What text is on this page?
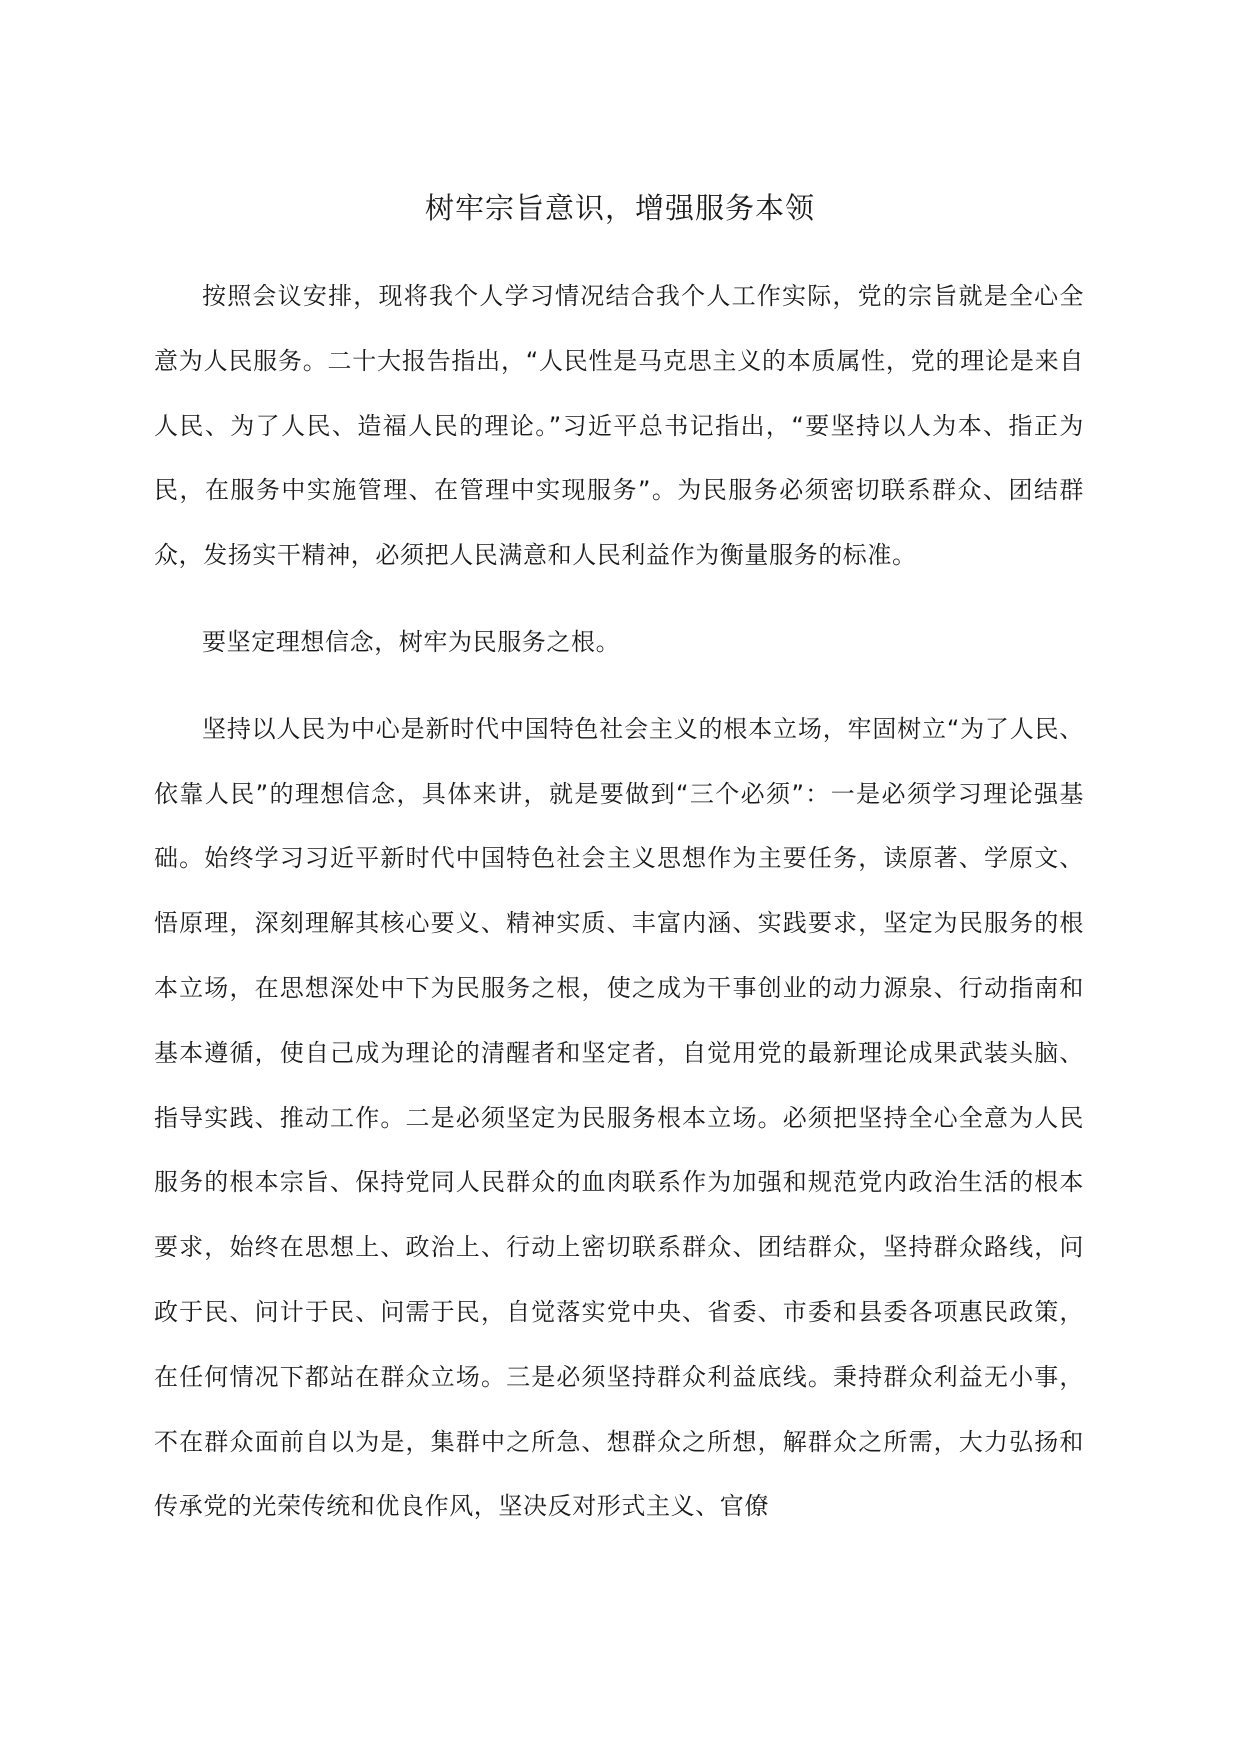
树牢宗旨意识，增强服务本领

按照会议安排，现将我个人学习情况结合我个人工作实际，党的宗旨就是全心全意为人民服务。二十大报告指出，“人民性是马克思主义的本质属性，党的理论是来自人民、为了人民、造福人民的理论。”习近平总书记指出，“要坚持以人为本、指正为民，在服务中实施管理、在管理中实现服务”。为民服务必须密切联系群众、团结群众，发扬实干精神，必须把人民满意和人民利益作为衡量服务的标准。

要坚定理想信念，树牢为民服务之根。

坚持以人民为中心是新时代中国特色社会主义的根本立场，牢固树立“为了人民、依靠人民”的理想信念，具体来讲，就是要做到“三个必须”：一是必须学习理论强基础。始终学习习近平新时代中国特色社会主义思想作为主要任务，读原著、学原文、悟原理，深刻理解其核心要义、精神实质、丰富内涵、实践要求，坚定为民服务的根本立场，在思想深处中下为民服务之根，使之成为干事创业的动力源泉、行动指南和基本遵循，使自己成为理论的清醒者和坚定者，自觉用党的最新理论成果武装头脑、指导实践、推动工作。二是必须坚定为民服务根本立场。必须把坚持全心全意为人民服务的根本宗旨、保持党同人民群众的血肉联系作为加强和规范党内政治生活的根本要求，始终在思想上、政治上、行动上密切联系群众、团结群众，坚持群众路线，问政于民、问计于民、问需于民，自觉落实党中央、省委、市委和县委各项惠民政策，在任何情况下都站在群众立场。三是必须坚持群众利益底线。秉持群众利益无小事，不在群众面前自以为是，集群中之所急、想群众之所想，解群众之所需，大力弘扬和传承党的光荣传统和优良作风，坚决反对形式主义、官僚
